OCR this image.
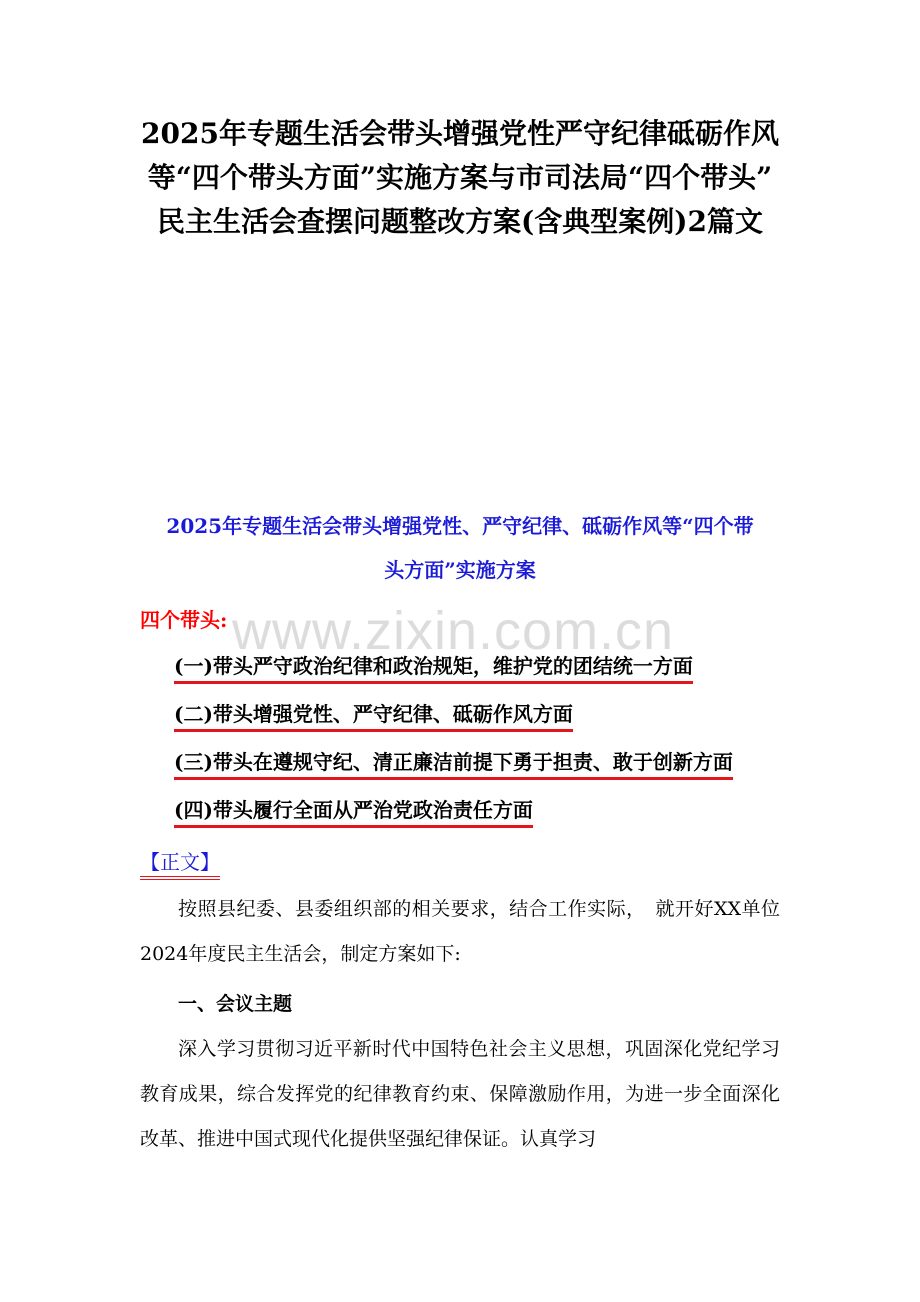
2025年专题生活会带头增强党性严守纪律砥砺作风
等“四个带头方面”实施方案与市司法局“四个带头”
民主生活会查摆问题整改方案(含典型案例)2篇文
www.zixin.com.cn
2025年专题生活会带头增强党性、严守纪律、砥砺作风等“四个带
头方面”实施方案
四个带头:
(一)带头严守政治纪律和政治规矩，维护党的团结统一方面
(二)带头增强党性、严守纪律、砥砺作风方面
(三)带头在遵规守纪、清正廉洁前提下勇于担责、敢于创新方面
(四)带头履行全面从严治党政治责任方面
【正文】

按照县纪委、县委组织部的相关要求，结合工作实际，　就开好XX单位2024年度民主生活会，制定方案如下:

一、会议主题

深入学习贯彻习近平新时代中国特色社会主义思想，巩固深化党纪学习教育成果，综合发挥党的纪律教育约束、保障激励作用，为进一步全面深化改革、推进中国式现代化提供坚强纪律保证。认真学习
